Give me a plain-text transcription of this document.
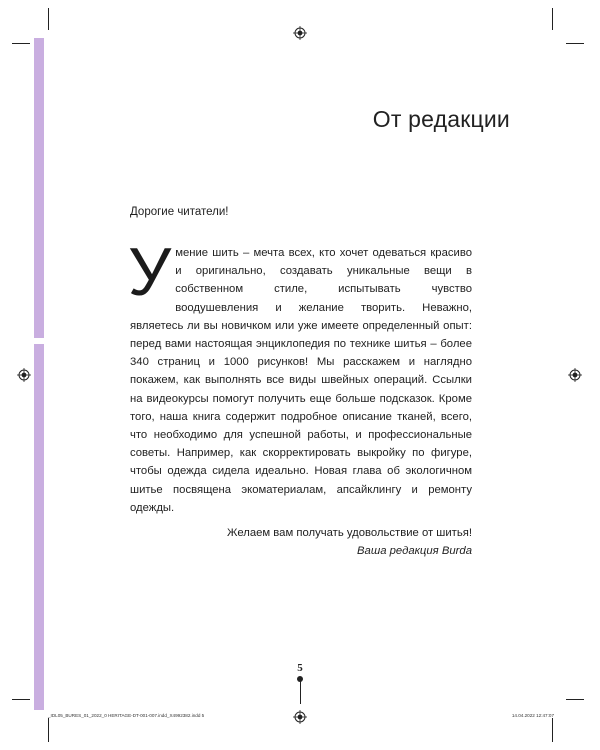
От редакции

Дорогие читатели!

Умение шить – мечта всех, кто хочет одеваться красиво и оригинально, создавать уникальные вещи в собственном стиле, испытывать чувство воодушевления и желание творить. Неважно, являетесь ли вы новичком или уже имеете определенный опыт: перед вами настоящая энциклопедия по технике шитья – более 340 страниц и 1000 рисунков! Мы расскажем и наглядно покажем, как выполнять все виды швейных операций. Ссылки на видеокурсы помогут получить еще больше подсказок. Кроме того, наша книга содержит подробное описание тканей, всего, что необходимо для успешной работы, и профессиональные советы. Например, как скорректировать выкройку по фигуре, чтобы одежда сидела идеально. Новая глава об экологичном шитье посвящена экоматериалам, апсайклингу и ремонту одежды.

Желаем вам получать удовольствие от шитья!

Ваша редакция Burda

5
_IDL05_BURES_01_2022_0 HERITAGE-DT-001-007.indd_X4992382.indd 5	14.04.2022 12:47:07
